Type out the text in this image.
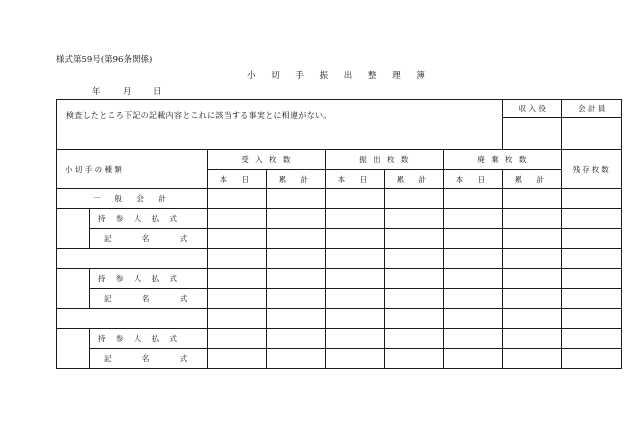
様式第59号(第96条関係)
小 切 手 振 出 整 理 簿
年	月	日
検査したところ下記の記載内容とこれに該当する事実とに相違がない。							収 入 役	会 計 員

小 切 手 の 種 類		受 入 枚 数		振 出 枚 数		廃 棄 枚 数		残存枚数
		本 日	累 計	本 日	累 計	本 日	累 計	
一 般 会 計								
	持 参 人 払 式							

	記 名 式							

	持 参 人 払 式							

	記 名 式							

	持 参 人 払 式							

	記 名 式							
